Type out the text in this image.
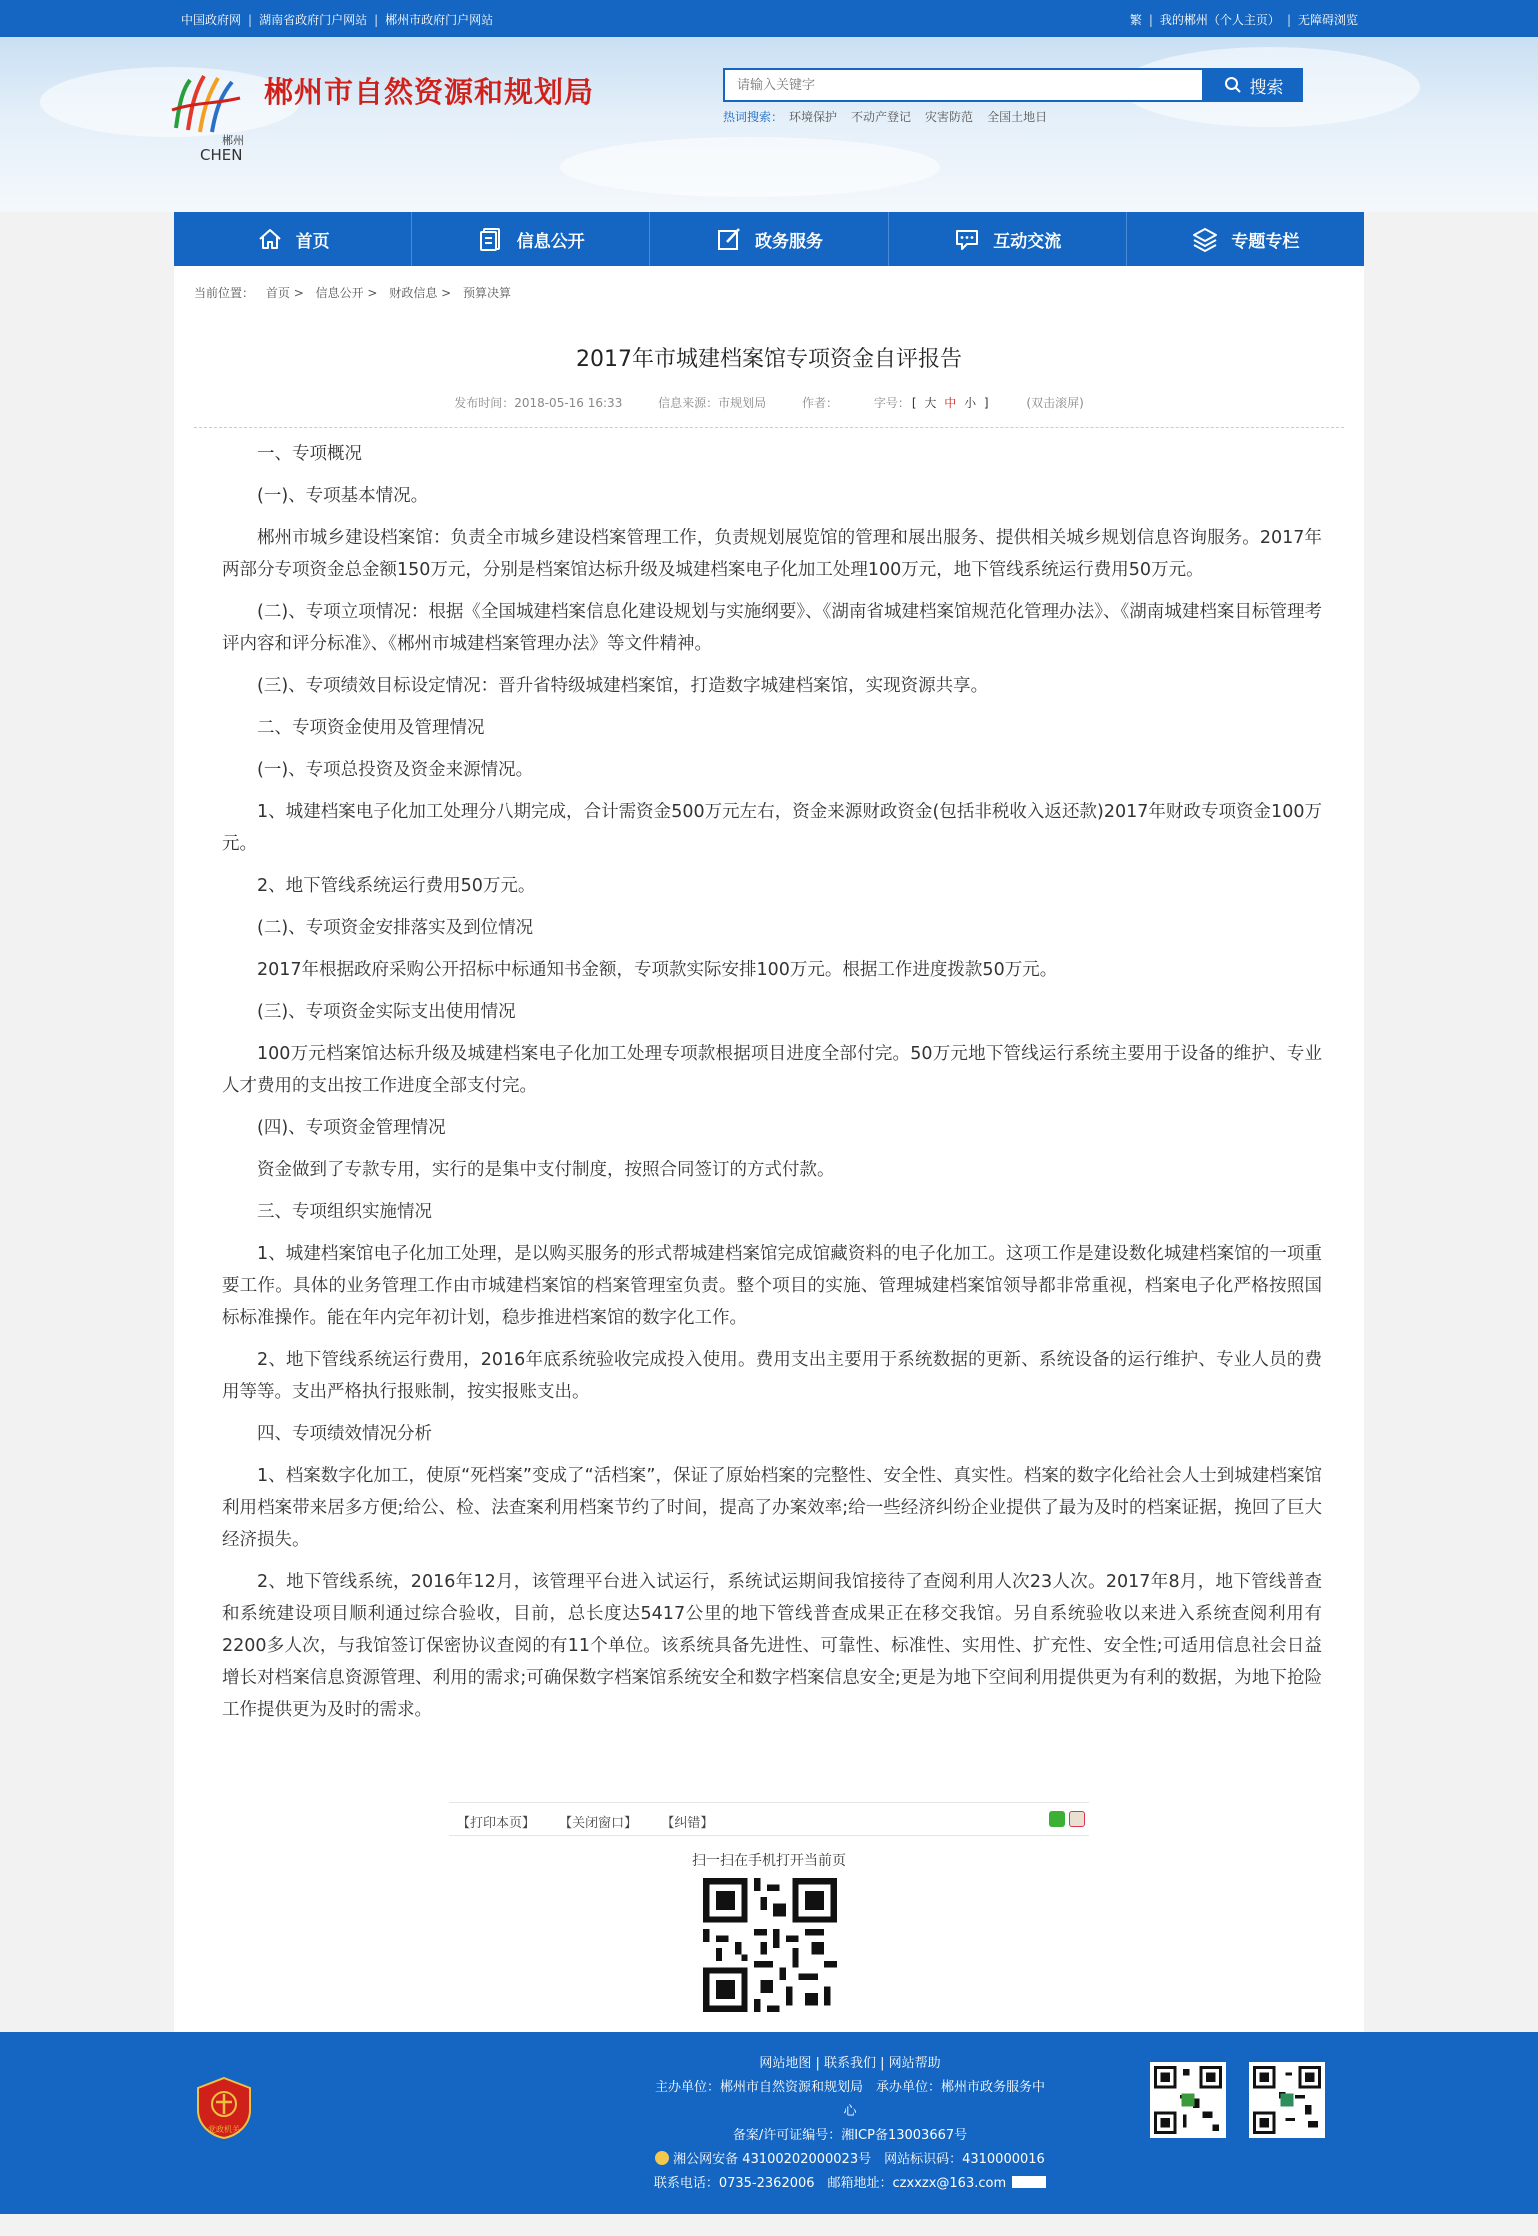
中国政府网 | 湖南省政府门户网站 | 郴州市政府门户网站	繁 | 我的郴州（个人主页） | 无障碍浏览
郴州
CHEN
郴州市自然资源和规划局
请输入关键字	搜索
热词搜索： 环境保护 不动产登记 灾害防范 全国土地日
首页	信息公开	政务服务	互动交流	专题专栏
当前位置： 首页 > 信息公开 > 财政信息 > 预算决算
2017年市城建档案馆专项资金自评报告
发布时间：2018-05-16 16:33	信息来源：市规划局	作者：	字号： [ 大 中 小 ]	(双击滚屏)

一、专项概况

(一)、专项基本情况。

郴州市城乡建设档案馆：负责全市城乡建设档案管理工作，负责规划展览馆的管理和展出服务、提供相关城乡规划信息咨询服务。2017年两部分专项资金总金额150万元，分别是档案馆达标升级及城建档案电子化加工处理100万元，地下管线系统运行费用50万元。

(二)、专项立项情况：根据《全国城建档案信息化建设规划与实施纲要》、《湖南省城建档案馆规范化管理办法》、《湖南城建档案目标管理考评内容和评分标准》、《郴州市城建档案管理办法》等文件精神。

(三)、专项绩效目标设定情况：晋升省特级城建档案馆，打造数字城建档案馆，实现资源共享。

二、专项资金使用及管理情况

(一)、专项总投资及资金来源情况。

1、城建档案电子化加工处理分八期完成，合计需资金500万元左右，资金来源财政资金(包括非税收入返还款)2017年财政专项资金100万元。

2、地下管线系统运行费用50万元。

(二)、专项资金安排落实及到位情况

2017年根据政府采购公开招标中标通知书金额，专项款实际安排100万元。根据工作进度拨款50万元。

(三)、专项资金实际支出使用情况

100万元档案馆达标升级及城建档案电子化加工处理专项款根据项目进度全部付完。50万元地下管线运行系统主要用于设备的维护、专业人才费用的支出按工作进度全部支付完。

(四)、专项资金管理情况

资金做到了专款专用，实行的是集中支付制度，按照合同签订的方式付款。

三、专项组织实施情况

1、城建档案馆电子化加工处理，是以购买服务的形式帮城建档案馆完成馆藏资料的电子化加工。这项工作是建设数化城建档案馆的一项重要工作。具体的业务管理工作由市城建档案馆的档案管理室负责。整个项目的实施、管理城建档案馆领导都非常重视，档案电子化严格按照国标标准操作。能在年内完年初计划，稳步推进档案馆的数字化工作。

2、地下管线系统运行费用，2016年底系统验收完成投入使用。费用支出主要用于系统数据的更新、系统设备的运行维护、专业人员的费用等等。支出严格执行报账制，按实报账支出。

四、专项绩效情况分析

1、档案数字化加工，使原“死档案”变成了“活档案”，保证了原始档案的完整性、安全性、真实性。档案的数字化给社会人士到城建档案馆利用档案带来居多方便;给公、检、法查案利用档案节约了时间，提高了办案效率;给一些经济纠纷企业提供了最为及时的档案证据，挽回了巨大经济损失。

2、地下管线系统，2016年12月，该管理平台进入试运行，系统试运期间我馆接待了查阅利用人次23人次。2017年8月，地下管线普查和系统建设项目顺利通过综合验收，目前，总长度达5417公里的地下管线普查成果正在移交我馆。另自系统验收以来进入系统查阅利用有2200多人次，与我馆签订保密协议查阅的有11个单位。该系统具备先进性、可靠性、标准性、实用性、扩充性、安全性;可适用信息社会日益增长对档案信息资源管理、利用的需求;可确保数字档案馆系统安全和数字档案信息安全;更是为地下空间利用提供更为有利的数据，为地下抢险工作提供更为及时的需求。

【打印本页】 【关闭窗口】 【纠错】
扫一扫在手机打开当前页
党政机关
网站地图 | 联系我们 | 网站帮助
主办单位：郴州市自然资源和规划局　承办单位：郴州市政务服务中
心
备案/许可证编号：湘ICP备13003667号
湘公网安备 43100202000023号　网站标识码：4310000016
联系电话：0735-2362006　邮箱地址：czxxzx@163.com
